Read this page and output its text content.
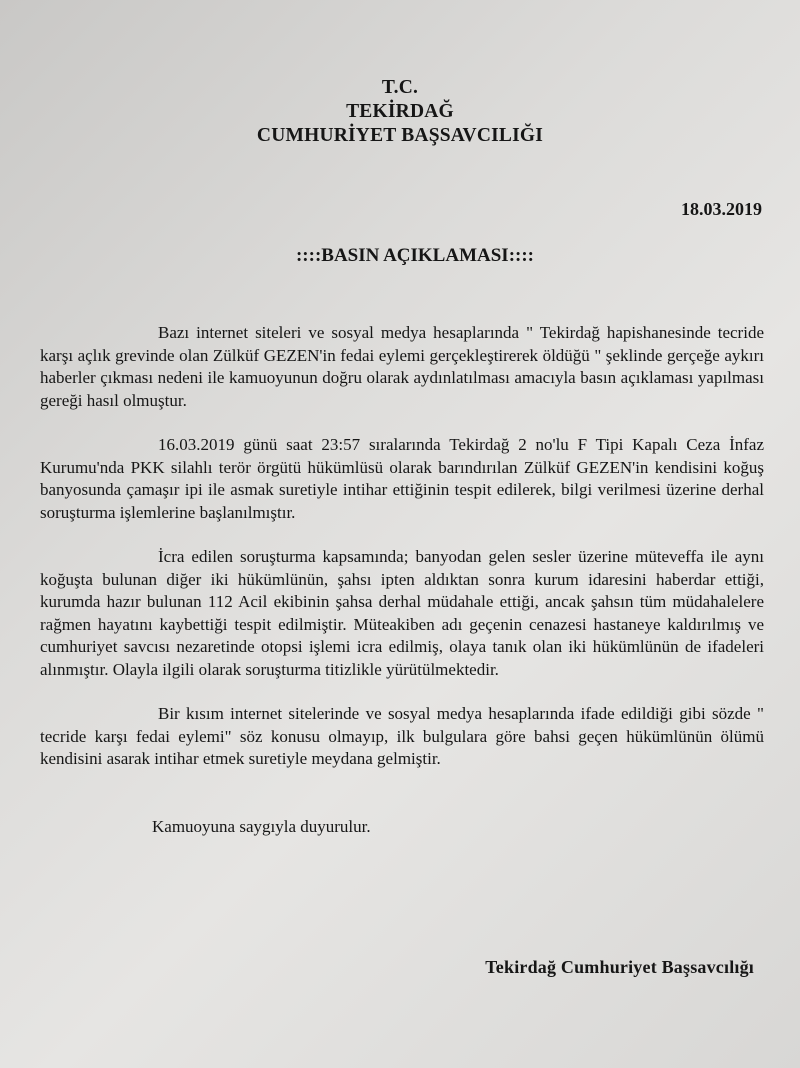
T.C.
TEKİRDAĞ
CUMHURİYET BAŞSAVCILIĞI
18.03.2019
::::BASIN AÇIKLAMASI::::

Bazı internet siteleri ve sosyal medya hesaplarında " Tekirdağ hapishanesinde tecride karşı açlık grevinde olan Zülküf GEZEN'in fedai eylemi gerçekleştirerek öldüğü " şeklinde gerçeğe aykırı haberler çıkması nedeni ile kamuoyunun doğru olarak aydınlatılması amacıyla basın açıklaması yapılması gereği hasıl olmuştur.

16.03.2019 günü saat 23:57 sıralarında Tekirdağ 2 no'lu F Tipi Kapalı Ceza İnfaz Kurumu'nda PKK silahlı terör örgütü hükümlüsü olarak barındırılan Zülküf GEZEN'in kendisini koğuş banyosunda çamaşır ipi ile asmak suretiyle intihar ettiğinin tespit edilerek, bilgi verilmesi üzerine derhal soruşturma işlemlerine başlanılmıştır.

İcra edilen soruşturma kapsamında; banyodan gelen sesler üzerine müteveffa ile aynı koğuşta bulunan diğer iki hükümlünün, şahsı ipten aldıktan sonra kurum idaresini haberdar ettiği, kurumda hazır bulunan 112 Acil ekibinin şahsa derhal müdahale ettiği, ancak şahsın tüm müdahalelere rağmen hayatını kaybettiği tespit edilmiştir. Müteakiben adı geçenin cenazesi hastaneye kaldırılmış ve cumhuriyet savcısı nezaretinde otopsi işlemi icra edilmiş, olaya tanık olan iki hükümlünün de ifadeleri alınmıştır. Olayla ilgili olarak soruşturma titizlikle yürütülmektedir.

Bir kısım internet sitelerinde ve sosyal medya hesaplarında ifade edildiği gibi sözde " tecride karşı fedai eylemi" söz konusu olmayıp, ilk bulgulara göre bahsi geçen hükümlünün ölümü kendisini asarak intihar etmek suretiyle meydana gelmiştir.

Kamuoyuna saygıyla duyurulur.
Tekirdağ Cumhuriyet Başsavcılığı
